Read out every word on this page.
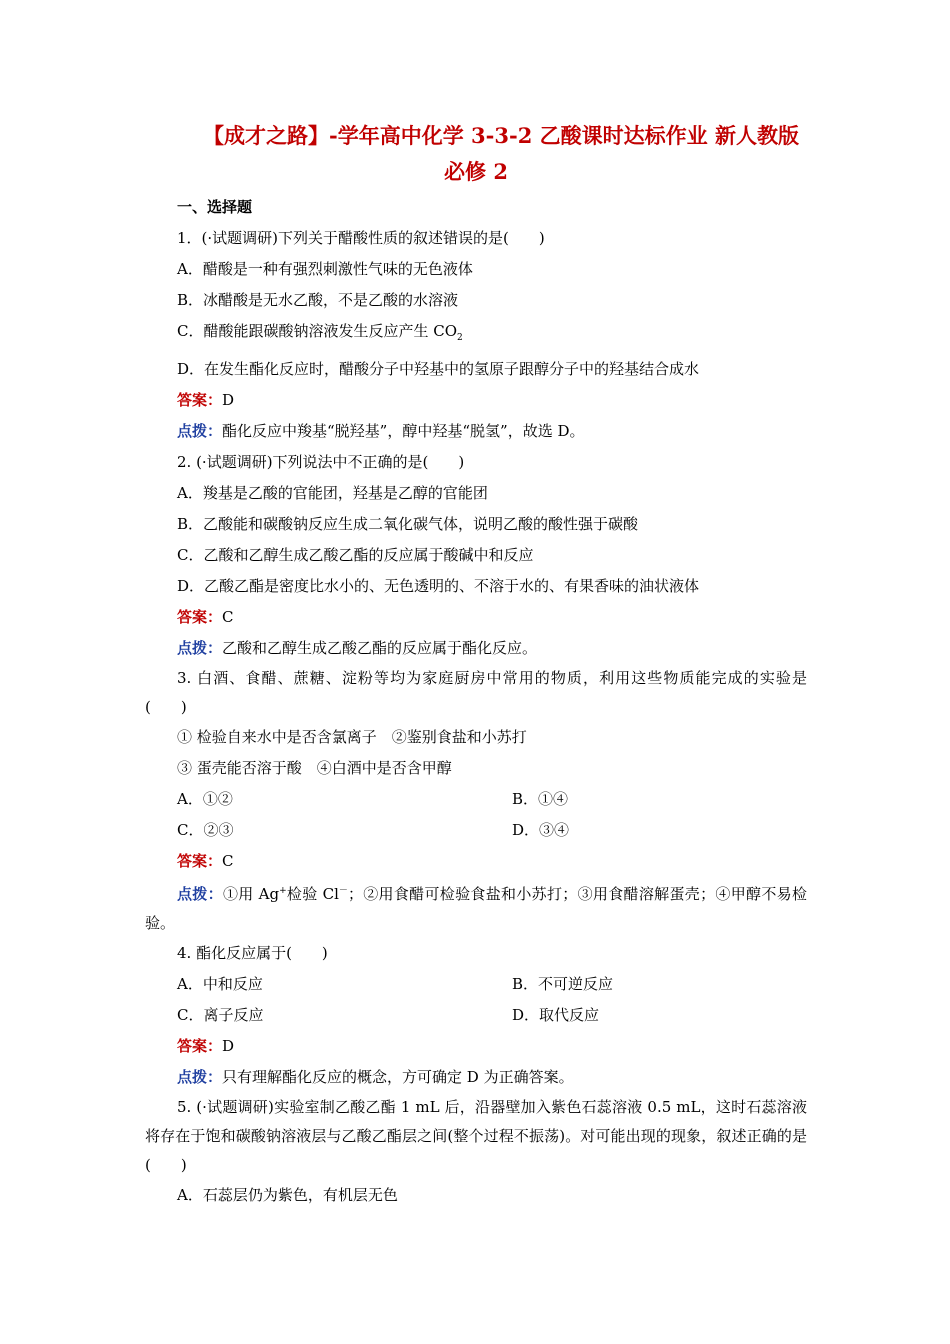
【成才之路】-学年高中化学 3-3-2 乙酸课时达标作业 新人教版
必修 2
一、选择题
1．(·试题调研)下列关于醋酸性质的叙述错误的是(　　)
A．醋酸是一种有强烈刺激性气味的无色液体
B．冰醋酸是无水乙酸，不是乙酸的水溶液
C．醋酸能跟碳酸钠溶液发生反应产生 $CO_2$
D．在发生酯化反应时，醋酸分子中羟基中的氢原子跟醇分子中的羟基结合成水
答案：D
点拨：酯化反应中羧基“脱羟基”，醇中羟基“脱氢”，故选 D。
2. (·试题调研)下列说法中不正确的是(　　)
A．羧基是乙酸的官能团，羟基是乙醇的官能团
B．乙酸能和碳酸钠反应生成二氧化碳气体，说明乙酸的酸性强于碳酸
C．乙酸和乙醇生成乙酸乙酯的反应属于酸碱中和反应
D．乙酸乙酯是密度比水小的、无色透明的、不溶于水的、有果香味的油状液体
答案：C
点拨：乙酸和乙醇生成乙酸乙酯的反应属于酯化反应。
3. 白酒、食醋、蔗糖、淀粉等均为家庭厨房中常用的物质，利用这些物质能完成的实验是(　　)
① 检验自来水中是否含氯离子　②鉴别食盐和小苏打
③ 蛋壳能否溶于酸　④白酒中是否含甲醇
A．①②	B．①④
C．②③	D．③④
答案：C
点拨：①用 Ag+检验 Cl－；②用食醋可检验食盐和小苏打；③用食醋溶解蛋壳；④甲醇不易检验。
4. 酯化反应属于(　　)
A．中和反应	B．不可逆反应
C．离子反应	D．取代反应
答案：D
点拨：只有理解酯化反应的概念，方可确定 D 为正确答案。
5. (·试题调研)实验室制乙酸乙酯 1 mL 后，沿器壁加入紫色石蕊溶液 0.5 mL，这时石蕊溶液将存在于饱和碳酸钠溶液层与乙酸乙酯层之间(整个过程不振荡)。对可能出现的现象，叙述正确的是(　　)
A．石蕊层仍为紫色，有机层无色
